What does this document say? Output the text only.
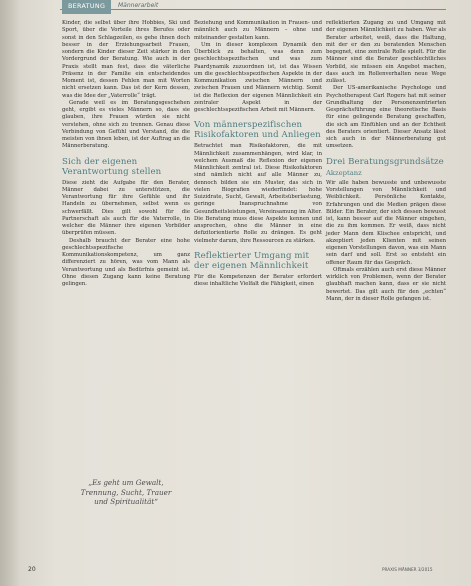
BERATUNG	Männerarbeit

Kinder, die selbst über ihre Hobbies, Ski und Sport, über die Vorteile ihres Berufes oder sonst in den Schlagzeilen, es gehe ihnen doch besser in der Erziehungsarbeit Frauen, sondern die Kinder dieser Zeit stärker in den Vordergrund der Beratung. Wie auch in der Praxis stellt man fest, dass die väterliche Präsenz in der Familie ein entscheidendes Moment ist, dessen Fehlen man mit Worten nicht ersetzen kann. Das ist der Kern dessen, was die Idee der „Vaterrolle“ trägt.

Gerade weil es im Beratungsgeschehen geht, ergibt es vieles Männern so, dass sie glauben, ihre Frauen würden sie nicht verstehen, ohne sich zu trennen. Genau diese Verbindung von Gefühl und Verstand, die die meisten von ihnen leben, ist der Auftrag an die Männerberatung.

Sich der eigenen Verantwortung stellen

Diese zieht die Aufgabe für den Berater, Männer dabei zu unterstützen, die Verantwortung für ihre Gefühle und ihr Handeln zu übernehmen, selbst wenn es schwerfällt. Dies gilt sowohl für die Partnerschaft als auch für die Vaterrolle, in welcher die Männer ihre eigenen Vorbilder überprüfen müssen.

Deshalb braucht der Berater eine hohe geschlechtsspezifische Kommunikationskompetenz, um ganz differenziert zu hören, was vom Mann als Verantwortung und als Bedürfnis gemeint ist. Ohne diesen Zugang kann keine Beratung gelingen.

„Es geht um Gewalt,
Trennung, Sucht, Trauer
und Spiritualität“

Beziehung und Kommunikation in Frauen- und männlich auch zu Männern – ohne und miteinander gestalten kann.

Um in dieser komplexen Dynamik den Überblick zu behalten, was denn zum geschlechtsspezifischen und was zum Paardynamik zuzuordnen ist, ist das Wissen um die geschlechtsspezifischen Aspekte in der Kommunikation zwischen Männern und zwischen Frauen und Männern wichtig. Somit ist die Reflexion der eigenen Männlichkeit ein zentraler Aspekt in der geschlechtsspezifischen Arbeit mit Männern.

Von männerspezifischen Risikofaktoren und Anliegen

Betrachtet man Risikofaktoren, die mit Männlichkeit zusammenhängen, wird klar, in welchem Ausmaß die Reflexion der eigenen Männlichkeit zentral ist. Diese Risikofaktoren sind nämlich nicht auf alle Männer zu, dennoch bilden sie ein Muster, das sich in vielen Biografien wiederfindet: hohe Suizidrate, Sucht, Gewalt, Arbeitsüberlastung, geringe Inanspruchnahme von Gesundheitsleistungen, Vereinsamung im Alter. Die Beratung muss diese Aspekte kennen und ansprechen, ohne die Männer in eine defizitorientierte Rolle zu drängen. Es geht vielmehr darum, ihre Ressourcen zu stärken.

Reflektierter Umgang mit der eigenen Männlichkeit

Für die Kompetenzen der Berater erfordert diese inhaltliche Vielfalt die Fähigkeit, einen

reflektierten Zugang zu und Umgang mit der eigenen Männlichkeit zu haben. Wer als Berater arbeitet, weiß, dass die Haltung, mit der er den zu beratenden Menschen begegnet, eine zentrale Rolle spielt. Für die Männer sind die Berater geschlechtliches Vorbild, sie müssen ein Angebot machen, dass auch im Rollenverhalten neue Wege zulässt.

Der US-amerikanische Psychologe und Psychotherapeut Carl Rogers hat mit seiner Grundhaltung der Personenzentrierten Gesprächsführung eine theoretische Basis für eine gelingende Beratung geschaffen, die sich am Einfühlen und an der Echtheit des Beraters orientiert. Dieser Ansatz lässt sich auch in der Männerberatung gut umsetzen.

Drei Beratungsgrundsätze
Akzeptanz

Wir alle haben bewusste und unbewusste Vorstellungen von Männlichkeit und Weiblichkeit. Persönliche Kontakte, Erfahrungen und die Medien prägen diese Bilder. Ein Berater, der sich dessen bewusst ist, kann besser auf die Männer eingehen, die zu ihm kommen. Er weiß, dass nicht jeder Mann dem Klischee entspricht, und akzeptiert jeden Klienten mit seinen eigenen Vorstellungen davon, was ein Mann sein darf und soll. Erst so entsteht ein offener Raum für das Gespräch.

Oftmals erzählen auch erst diese Männer wirklich von Problemen, wenn der Berater glaubhaft machen kann, dass er sie nicht bewertet. Das gilt auch für den „echten“ Mann, der in dieser Rolle gefangen ist.

20	PRAXIS MÄNNER 3/2015
